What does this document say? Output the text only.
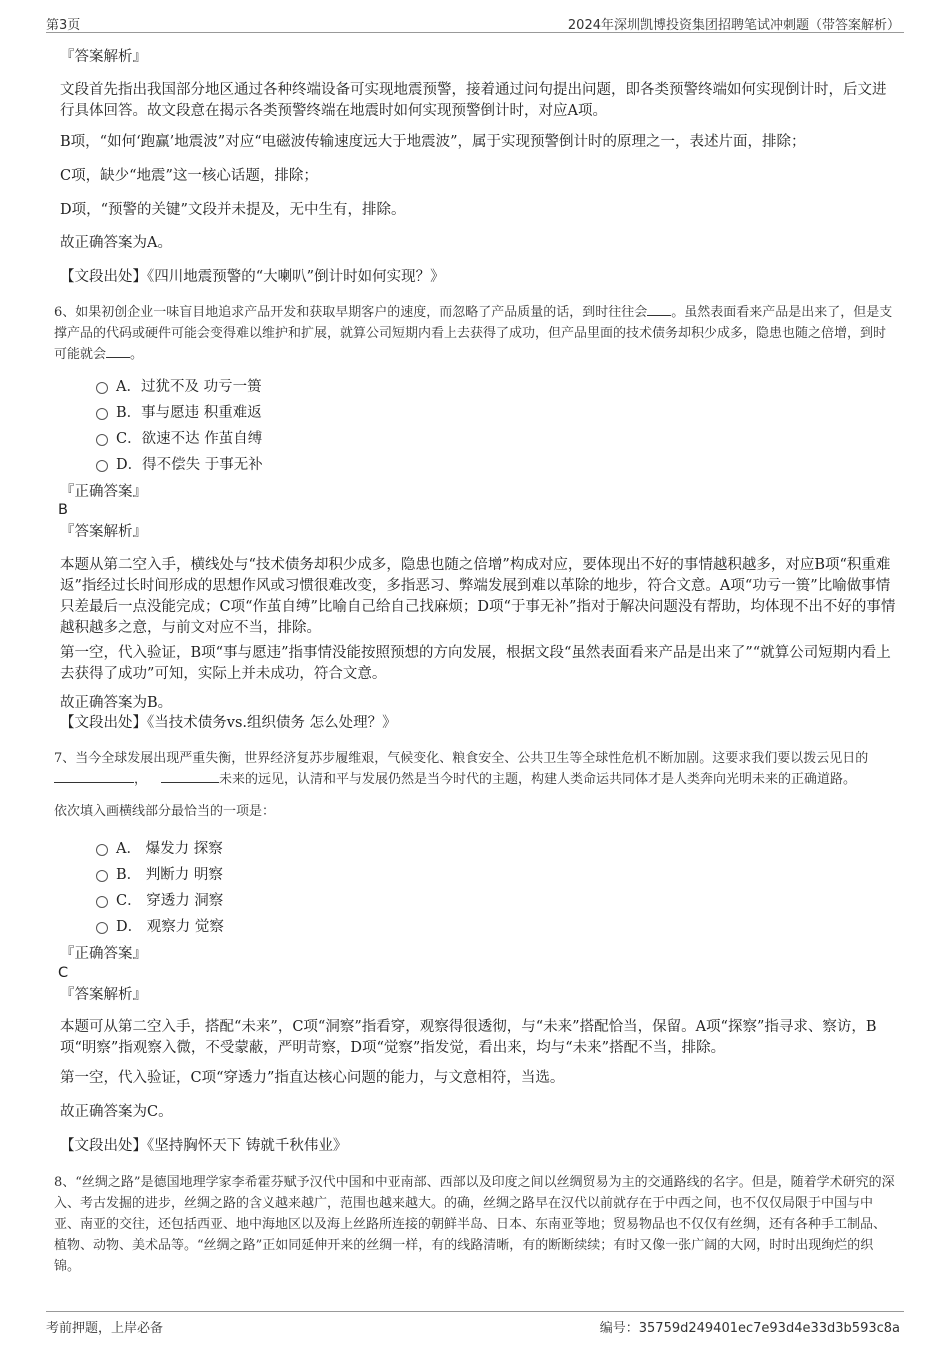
第3页	2024年深圳凯博投资集团招聘笔试冲刺题（带答案解析）
『答案解析』
文段首先指出我国部分地区通过各种终端设备可实现地震预警，接着通过问句提出问题，即各类预警终端如何实现倒计时，后文进行具体回答。故文段意在揭示各类预警终端在地震时如何实现预警倒计时，对应A项。
B项，“如何‘跑赢’地震波”对应“电磁波传输速度远大于地震波”，属于实现预警倒计时的原理之一，表述片面，排除；
C项，缺少“地震”这一核心话题，排除；
D项，“预警的关键”文段并未提及，无中生有，排除。
故正确答案为A。
【文段出处】《四川地震预警的“大喇叭”倒计时如何实现？》
6、如果初创企业一味盲目地追求产品开发和获取早期客户的速度，而忽略了产品质量的话，到时往往会 。虽然表面看来产品是出来了，但是支撑产品的代码或硬件可能会变得难以维护和扩展，就算公司短期内看上去获得了成功，但产品里面的技术债务却积少成多，隐患也随之倍增，到时可能就会 。
A．过犹不及 功亏一篑
B．事与愿违 积重难返
C．欲速不达 作茧自缚
D．得不偿失 于事无补
『正确答案』
B
『答案解析』
本题从第二空入手，横线处与“技术债务却积少成多，隐患也随之倍增”构成对应，要体现出不好的事情越积越多，对应B项“积重难返”指经过长时间形成的思想作风或习惯很难改变，多指恶习、弊端发展到难以革除的地步，符合文意。A项“功亏一篑”比喻做事情只差最后一点没能完成；C项“作茧自缚”比喻自己给自己找麻烦；D项“于事无补”指对于解决问题没有帮助，均体现不出不好的事情越积越多之意，与前文对应不当，排除。
第一空，代入验证，B项“事与愿违”指事情没能按照预想的方向发展，根据文段“虽然表面看来产品是出来了”“就算公司短期内看上去获得了成功”可知，实际上并未成功，符合文意。
故正确答案为B。
【文段出处】《当技术债务vs.组织债务 怎么处理？》
7、当今全球发展出现严重失衡，世界经济复苏步履维艰，气候变化、粮食安全、公共卫生等全球性危机不断加剧。这要求我们要以拨云见日的，	未来的远见，认清和平与发展仍然是当今时代的主题，构建人类命运共同体才是人类奔向光明未来的正确道路。
依次填入画横线部分最恰当的一项是：
A． 爆发力 探察
B． 判断力 明察
C． 穿透力 洞察
D． 观察力 觉察
『正确答案』
C
『答案解析』
本题可从第二空入手，搭配“未来”，C项“洞察”指看穿，观察得很透彻，与“未来”搭配恰当，保留。A项“探察”指寻求、察访，B项“明察”指观察入微，不受蒙蔽，严明苛察，D项“觉察”指发觉，看出来，均与“未来”搭配不当，排除。
第一空，代入验证，C项“穿透力”指直达核心问题的能力，与文意相符，当选。
故正确答案为C。
【文段出处】《坚持胸怀天下 铸就千秋伟业》
8、“丝绸之路”是德国地理学家李希霍芬赋予汉代中国和中亚南部、西部以及印度之间以丝绸贸易为主的交通路线的名字。但是，随着学术研究的深入、考古发掘的进步，丝绸之路的含义越来越广，范围也越来越大。的确，丝绸之路早在汉代以前就存在于中西之间，也不仅仅局限于中国与中亚、南亚的交往，还包括西亚、地中海地区以及海上丝路所连接的朝鲜半岛、日本、东南亚等地；贸易物品也不仅仅有丝绸，还有各种手工制品、植物、动物、美术品等。“丝绸之路”正如同延伸开来的丝绸一样，有的线路清晰，有的断断续续；有时又像一张广阔的大网，时时出现绚烂的织锦。
考前押题，上岸必备	编号：35759d249401ec7e93d4e33d3b593c8a
